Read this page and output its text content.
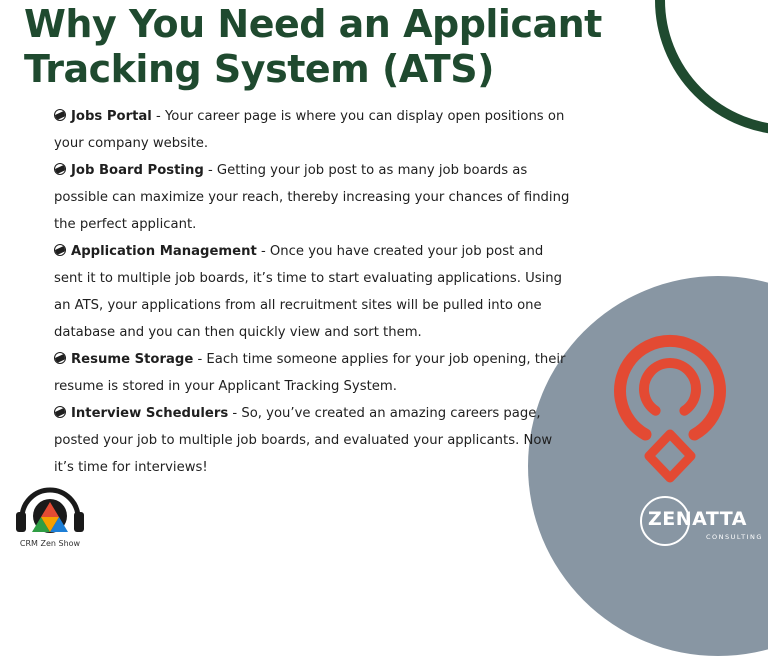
Why You Need an Applicant Tracking System (ATS)
Jobs Portal - Your career page is where you can display open positions on your company website.
Job Board Posting - Getting your job post to as many job boards as possible can maximize your reach, thereby increasing your chances of finding the perfect applicant.
Application Management - Once you have created your job post and sent it to multiple job boards, it’s time to start evaluating applications. Using an ATS, your applications from all recruitment sites will be pulled into one database and you can then quickly view and sort them.
Resume Storage - Each time someone applies for your job opening, their resume is stored in your Applicant Tracking System.
Interview Schedulers - So, you’ve created an amazing careers page, posted your job to multiple job boards, and evaluated your applicants. Now it’s time for interviews!
ZENATTA
CONSULTING
CRM Zen Show
